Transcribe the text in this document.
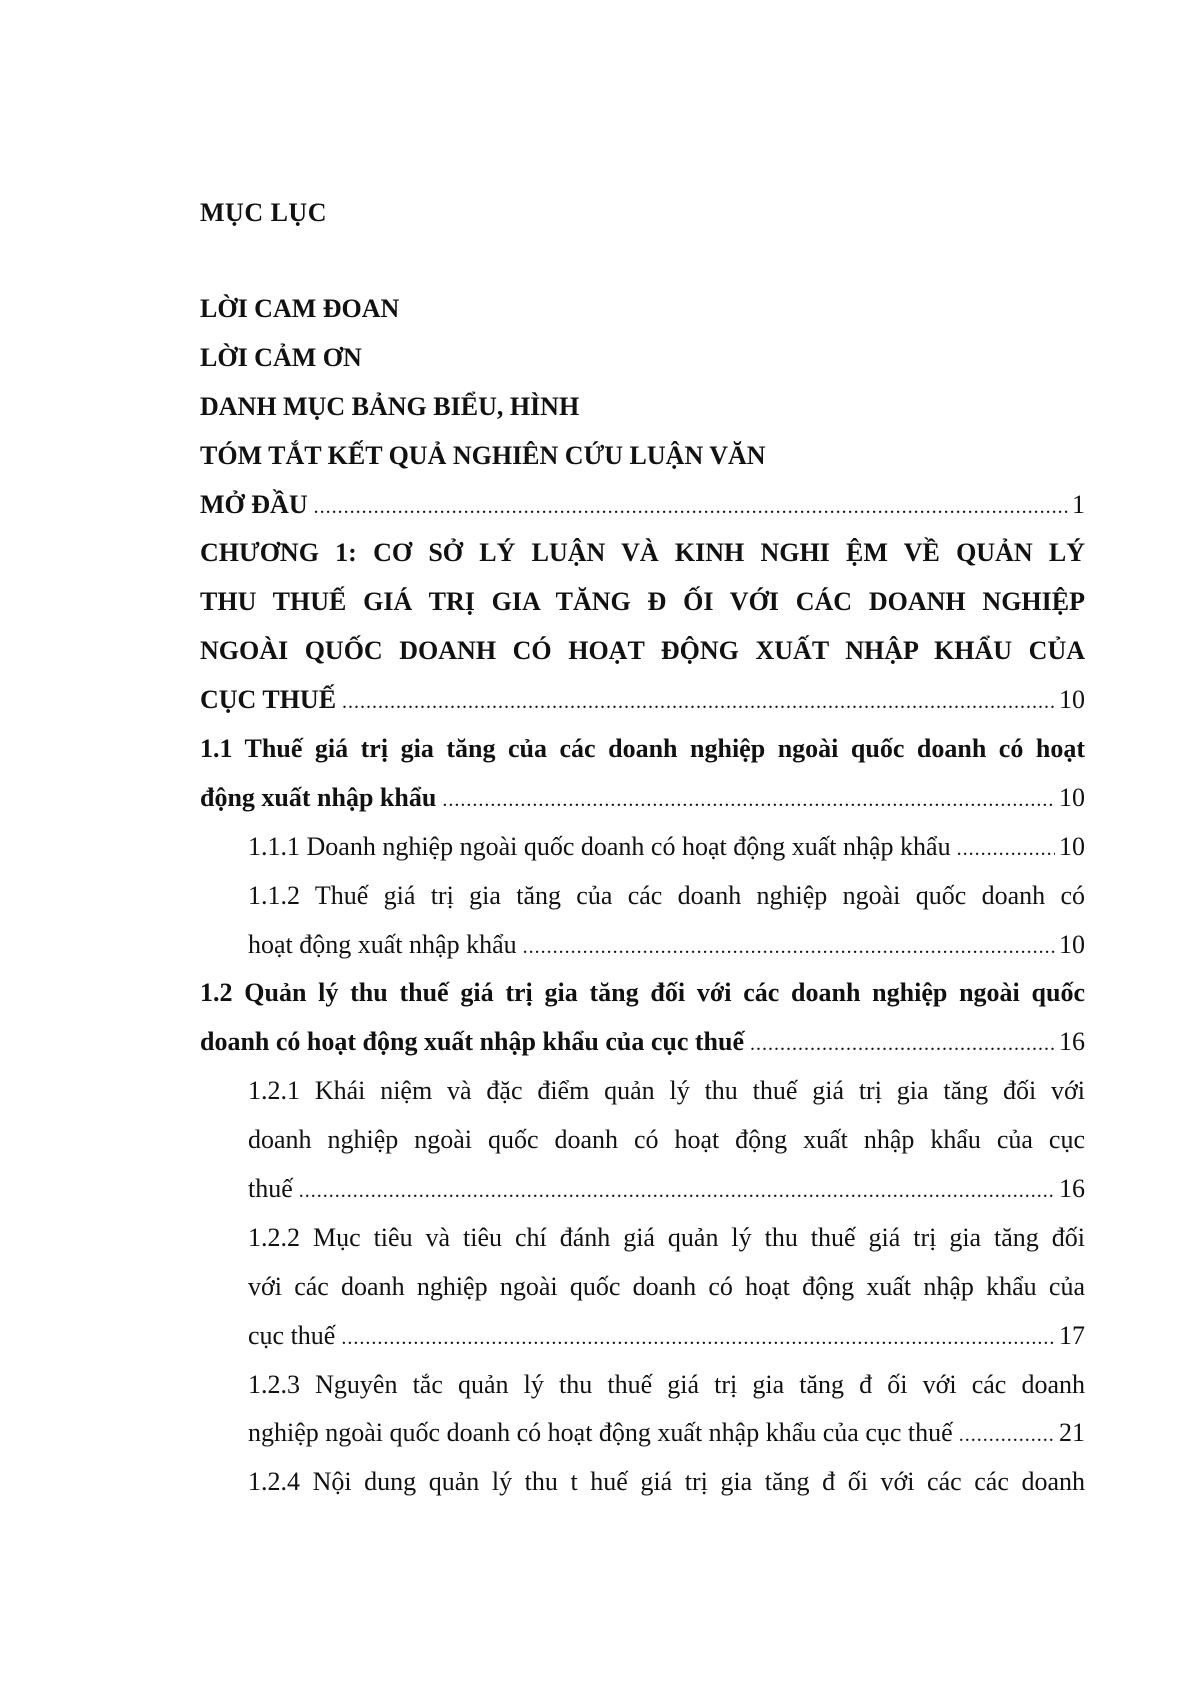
MỤC LỤC
LỜI CAM ĐOAN
LỜI CẢM ƠN
DANH MỤC BẢNG BIỂU, HÌNH
TÓM TẮT KẾT QUẢ NGHIÊN CỨU LUẬN VĂN
MỞ ĐẦU .....	1
CHƯƠNG 1: CƠ SỞ LÝ LUẬN VÀ KINH NGHI ỆM VỀ QUẢN LÝ
THU THUẾ GIÁ TRỊ GIA TĂNG Đ ỐI VỚI CÁC DOANH NGHIỆP
NGOÀI QUỐC DOANH CÓ HOẠT ĐỘNG XUẤT NHẬP KHẨU CỦA
CỤC THUẾ .....	10
1.1 Thuế giá trị gia tăng của các doanh nghiệp ngoài quốc doanh có hoạt
động xuất nhập khẩu .....	10
1.1.1 Doanh nghiệp ngoài quốc doanh có hoạt động xuất nhập khẩu .....	10
1.1.2 Thuế giá trị gia tăng của các doanh nghiệp ngoài quốc doanh có
hoạt động xuất nhập khẩu .....	10
1.2 Quản lý thu thuế giá trị gia tăng đối với các doanh nghiệp ngoài quốc
doanh có hoạt động xuất nhập khẩu của cục thuế .....	16
1.2.1 Khái niệm và đặc điểm quản lý thu thuế giá trị gia tăng đối với
doanh nghiệp ngoài quốc doanh có hoạt động xuất nhập khẩu của cục
thuế .....	16
1.2.2 Mục tiêu và tiêu chí đánh giá quản lý thu thuế giá trị gia tăng đối
với các doanh nghiệp ngoài quốc doanh có hoạt động xuất nhập khẩu của
cục thuế .....	17
1.2.3 Nguyên tắc quản lý thu thuế giá trị gia tăng đ ối với các doanh
nghiệp ngoài quốc doanh có hoạt động xuất nhập khẩu của cục thuế .....	21
1.2.4 Nội dung quản lý thu t huế giá trị gia tăng đ ối với các các doanh
